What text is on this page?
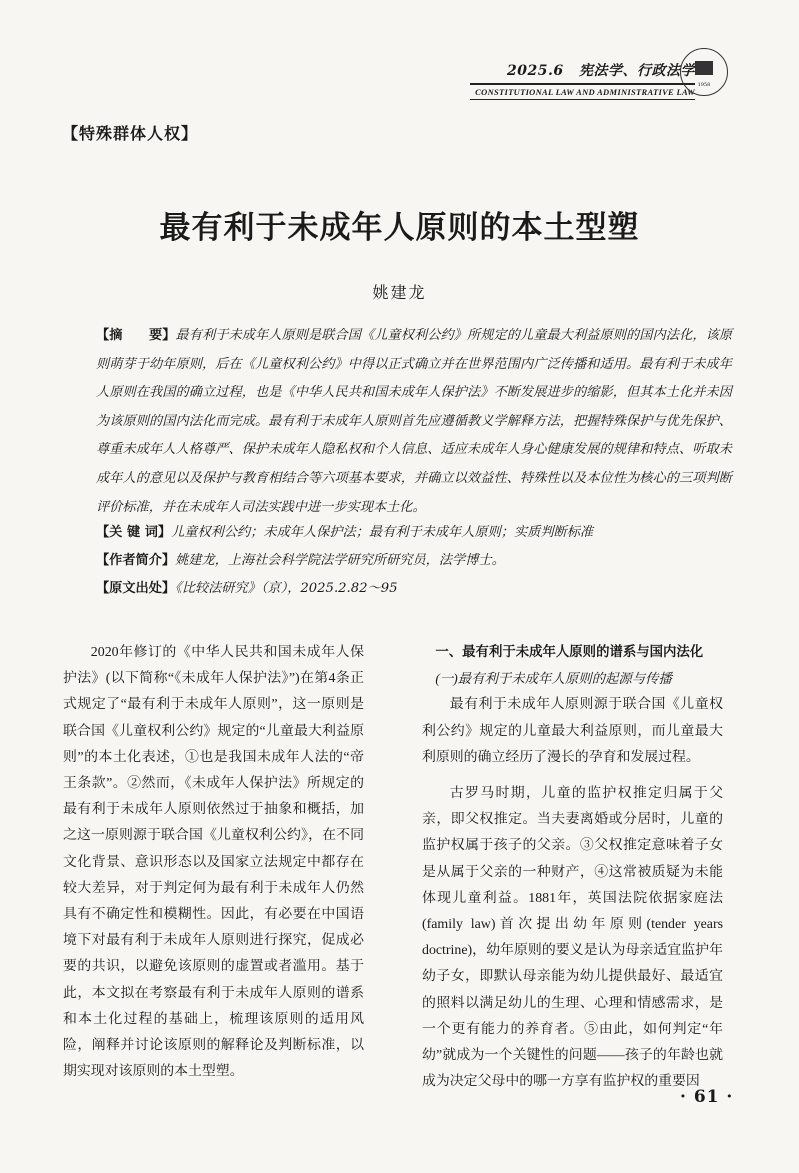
2025.6 宪法学、行政法学
CONSTITUTIONAL LAW AND ADMINISTRATIVE LAW
1958
【特殊群体人权】
最有利于未成年人原则的本土型塑
姚建龙
【摘　　要】最有利于未成年人原则是联合国《儿童权利公约》所规定的儿童最大利益原则的国内法化，该原则萌芽于幼年原则，后在《儿童权利公约》中得以正式确立并在世界范围内广泛传播和适用。最有利于未成年人原则在我国的确立过程，也是《中华人民共和国未成年人保护法》不断发展进步的缩影，但其本土化并未因为该原则的国内法化而完成。最有利于未成年人原则首先应遵循教义学解释方法，把握特殊保护与优先保护、尊重未成年人人格尊严、保护未成年人隐私权和个人信息、适应未成年人身心健康发展的规律和特点、听取未成年人的意见以及保护与教育相结合等六项基本要求，并确立以效益性、特殊性以及本位性为核心的三项判断评价标准，并在未成年人司法实践中进一步实现本土化。
【关 键 词】儿童权利公约；未成年人保护法；最有利于未成年人原则；实质判断标准
【作者简介】姚建龙，上海社会科学院法学研究所研究员，法学博士。
【原文出处】《比较法研究》（京），2025.2.82～95

2020年修订的《中华人民共和国未成年人保护法》(以下简称“《未成年人保护法》”)在第4条正式规定了“最有利于未成年人原则”，这一原则是联合国《儿童权利公约》规定的“儿童最大利益原则”的本土化表述，①也是我国未成年人法的“帝王条款”。②然而，《未成年人保护法》所规定的最有利于未成年人原则依然过于抽象和概括，加之这一原则源于联合国《儿童权利公约》，在不同文化背景、意识形态以及国家立法规定中都存在较大差异，对于判定何为最有利于未成年人仍然具有不确定性和模糊性。因此，有必要在中国语境下对最有利于未成年人原则进行探究，促成必要的共识，以避免该原则的虚置或者滥用。基于此，本文拟在考察最有利于未成年人原则的谱系和本土化过程的基础上，梳理该原则的适用风险，阐释并讨论该原则的解释论及判断标准，以期实现对该原则的本土型塑。

一、最有利于未成年人原则的谱系与国内法化

(一)最有利于未成年人原则的起源与传播

最有利于未成年人原则源于联合国《儿童权利公约》规定的儿童最大利益原则，而儿童最大利原则的确立经历了漫长的孕育和发展过程。

古罗马时期，儿童的监护权推定归属于父亲，即父权推定。当夫妻离婚或分居时，儿童的监护权属于孩子的父亲。③父权推定意味着子女是从属于父亲的一种财产，④这常被质疑为未能体现儿童利益。1881年，英国法院依据家庭法(family law)首次提出幼年原则(tender years doctrine)，幼年原则的要义是认为母亲适宜监护年幼子女，即默认母亲能为幼儿提供最好、最适宜的照料以满足幼儿的生理、心理和情感需求，是一个更有能力的养育者。⑤由此，如何判定“年幼”就成为一个关键性的问题——孩子的年龄也就成为决定父母中的哪一方享有监护权的重要因

· 61 ·
